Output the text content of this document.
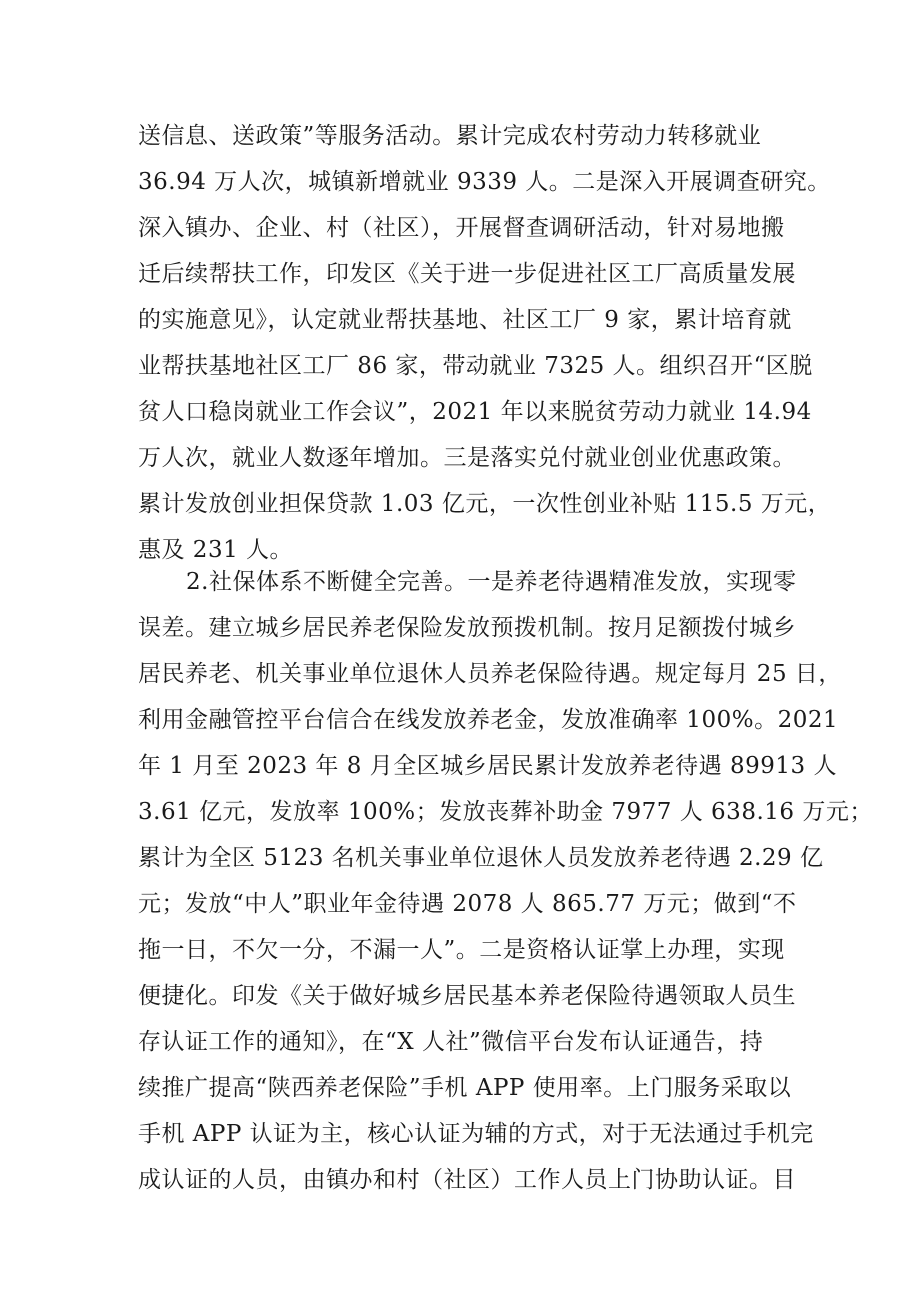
送信息、送政策”等服务活动。累计完成农村劳动力转移就业
36.94 万人次，城镇新增就业 9339 人。二是深入开展调查研究。
深入镇办、企业、村（社区），开展督查调研活动，针对易地搬
迁后续帮扶工作，印发区《关于进一步促进社区工厂高质量发展
的实施意见》，认定就业帮扶基地、社区工厂 9 家，累计培育就
业帮扶基地社区工厂 86 家，带动就业 7325 人。组织召开“区脱
贫人口稳岗就业工作会议”，2021 年以来脱贫劳动力就业 14.94
万人次，就业人数逐年增加。三是落实兑付就业创业优惠政策。
累计发放创业担保贷款 1.03 亿元，一次性创业补贴 115.5 万元，
惠及 231 人。
2.社保体系不断健全完善。一是养老待遇精准发放，实现零
误差。建立城乡居民养老保险发放预拨机制。按月足额拨付城乡
居民养老、机关事业单位退休人员养老保险待遇。规定每月 25 日，
利用金融管控平台信合在线发放养老金，发放准确率 100%。2021
年 1 月至 2023 年 8 月全区城乡居民累计发放养老待遇 89913 人
3.61 亿元，发放率 100%；发放丧葬补助金 7977 人 638.16 万元；
累计为全区 5123 名机关事业单位退休人员发放养老待遇 2.29 亿
元；发放“中人”职业年金待遇 2078 人 865.77 万元；做到“不
拖一日，不欠一分，不漏一人”。二是资格认证掌上办理，实现
便捷化。印发《关于做好城乡居民基本养老保险待遇领取人员生
存认证工作的通知》，在“X 人社”微信平台发布认证通告，持
续推广提高“陕西养老保险”手机 APP 使用率。上门服务采取以
手机 APP 认证为主，核心认证为辅的方式，对于无法通过手机完
成认证的人员，由镇办和村（社区）工作人员上门协助认证。目
